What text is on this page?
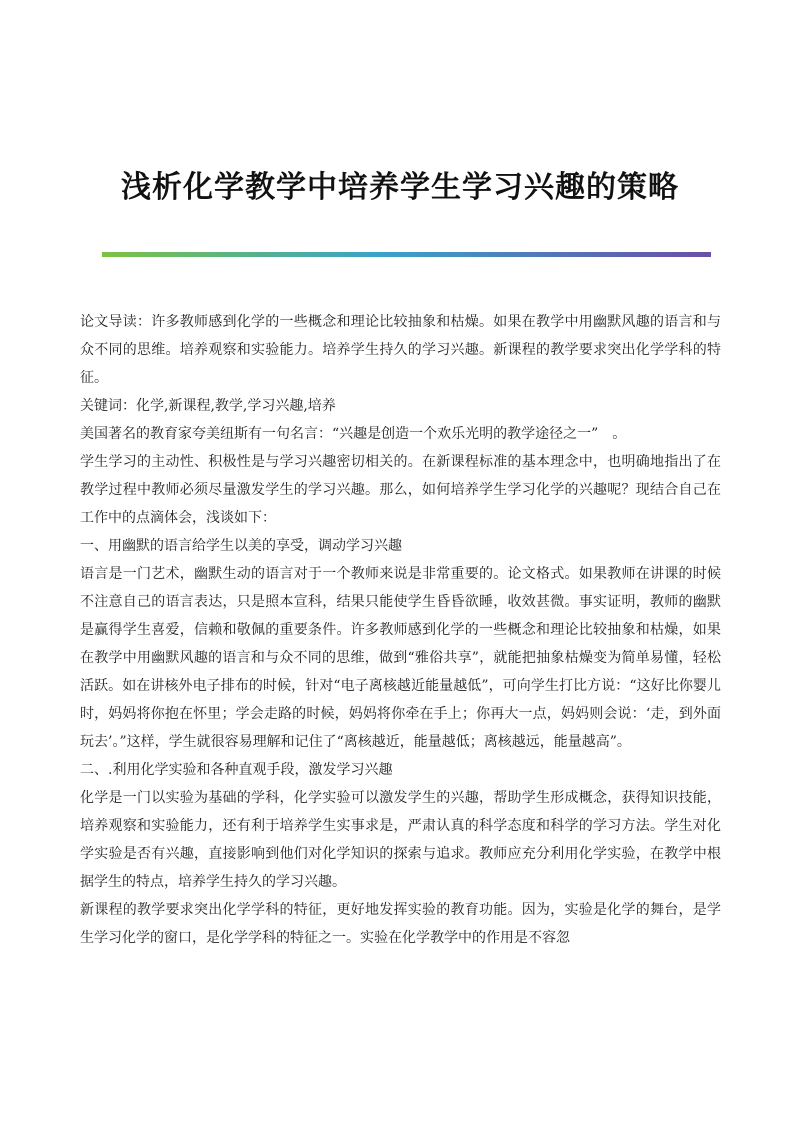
浅析化学教学中培养学生学习兴趣的策略

论文导读：许多教师感到化学的一些概念和理论比较抽象和枯燥。如果在教学中用幽默风趣的语言和与众不同的思维。培养观察和实验能力。培养学生持久的学习兴趣。新课程的教学要求突出化学学科的特征。

关键词：化学,新课程,教学,学习兴趣,培养

美国著名的教育家夸美纽斯有一句名言：“兴趣是创造一个欢乐光明的教学途径之一”　。

学生学习的主动性、积极性是与学习兴趣密切相关的。在新课程标准的基本理念中，也明确地指出了在教学过程中教师必须尽量激发学生的学习兴趣。那么，如何培养学生学习化学的兴趣呢？现结合自己在工作中的点滴体会，浅谈如下：

一、用幽默的语言给学生以美的享受，调动学习兴趣

语言是一门艺术，幽默生动的语言对于一个教师来说是非常重要的。论文格式。如果教师在讲课的时候不注意自己的语言表达，只是照本宣科，结果只能使学生昏昏欲睡，收效甚微。事实证明，教师的幽默是赢得学生喜爱，信赖和敬佩的重要条件。许多教师感到化学的一些概念和理论比较抽象和枯燥，如果在教学中用幽默风趣的语言和与众不同的思维，做到“雅俗共享”，就能把抽象枯燥变为简单易懂，轻松活跃。如在讲核外电子排布的时候，针对“电子离核越近能量越低”，可向学生打比方说：“这好比你婴儿时，妈妈将你抱在怀里；学会走路的时候，妈妈将你牵在手上；你再大一点，妈妈则会说：‘走，到外面玩去’。”这样，学生就很容易理解和记住了“离核越近，能量越低；离核越远，能量越高”。

二、.利用化学实验和各种直观手段，激发学习兴趣

化学是一门以实验为基础的学科，化学实验可以激发学生的兴趣，帮助学生形成概念，获得知识技能，培养观察和实验能力，还有利于培养学生实事求是，严肃认真的科学态度和科学的学习方法。学生对化学实验是否有兴趣，直接影响到他们对化学知识的探索与追求。教师应充分利用化学实验，在教学中根据学生的特点，培养学生持久的学习兴趣。

新课程的教学要求突出化学学科的特征，更好地发挥实验的教育功能。因为，实验是化学的舞台，是学生学习化学的窗口，是化学学科的特征之一。实验在化学教学中的作用是不容忽
